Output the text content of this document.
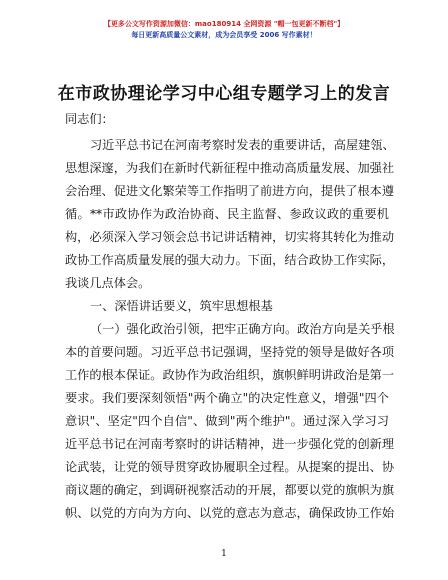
【更多公文写作资源加微信：mao180914 全网资源 "帽一包更新不断档"】
每日更新高质量公文素材，成为会员享受 2006 写作素材！
在市政协理论学习中心组专题学习上的发言
同志们：
习近平总书记在河南考察时发表的重要讲话，高屋建瓴、
思想深邃，为我们在新时代新征程中推动高质量发展、加强社
会治理、促进文化繁荣等工作指明了前进方向，提供了根本遵
循。**市政协作为政治协商、民主监督、参政议政的重要机
构，必须深入学习领会总书记讲话精神，切实将其转化为推动
政协工作高质量发展的强大动力。下面，结合政协工作实际，
我谈几点体会。
一、深悟讲话要义，筑牢思想根基
（一）强化政治引领，把牢正确方向。政治方向是关乎根
本的首要问题。习近平总书记强调，坚持党的领导是做好各项
工作的根本保证。政协作为政治组织，旗帜鲜明讲政治是第一
要求。我们要深刻领悟"两个确立"的决定性意义，增强"四个
意识"、坚定"四个自信"、做到"两个维护"。通过深入学习习
近平总书记在河南考察时的讲话精神，进一步强化党的创新理
论武装，让党的领导贯穿政协履职全过程。从提案的提出、协
商议题的确定，到调研视察活动的开展，都要以党的旗帜为旗
帜、以党的方向为方向、以党的意志为意志，确保政协工作始
1
